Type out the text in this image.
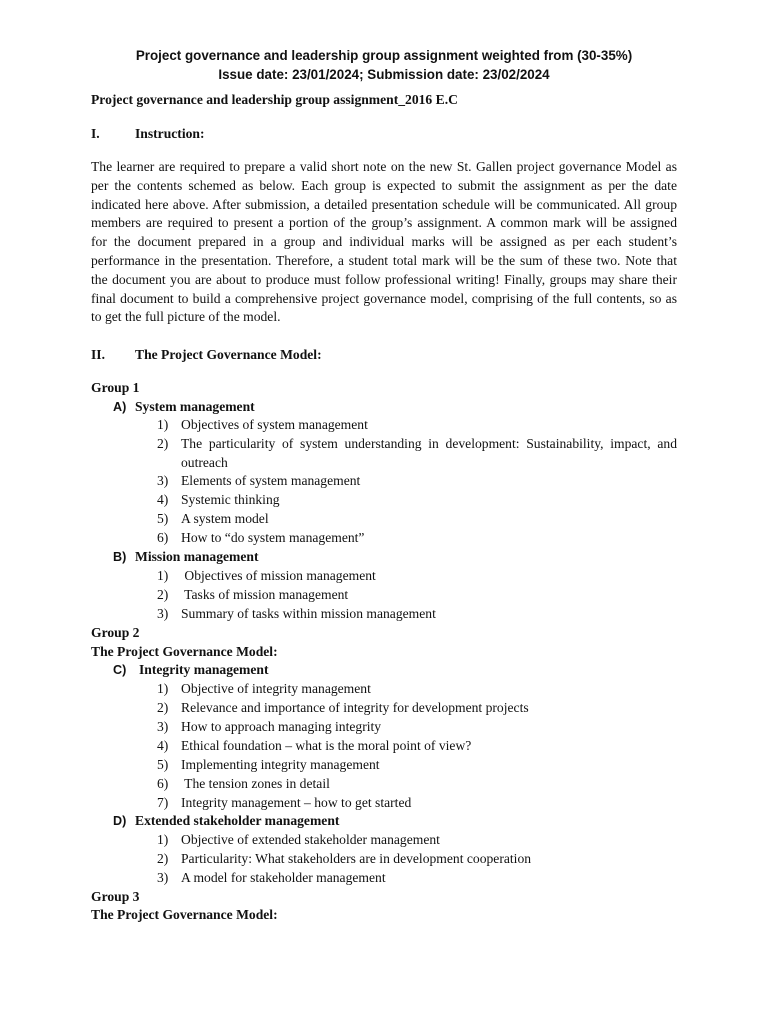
Project governance and leadership group assignment weighted from (30-35%)
Issue date: 23/01/2024; Submission date: 23/02/2024
Project governance and leadership group assignment_2016 E.C
I.	Instruction:
The learner are required to prepare a valid short note on the new St. Gallen project governance Model as
per the contents schemed as below. Each group is expected to submit the assignment as per the date
indicated here above. After submission, a detailed presentation schedule will be communicated. All group
members are required to present a portion of the group’s assignment. A common mark will be assigned
for the document prepared in a group and individual marks will be assigned as per each student’s
performance in the presentation. Therefore, a student total mark will be the sum of these two. Note that
the document you are about to produce must follow professional writing! Finally, groups may share their
final document to build a comprehensive project governance model, comprising of the full contents, so as
to get the full picture of the model.
II. The Project Governance Model:
Group 1
A) System management
1) Objectives of system management
2) The particularity of system understanding in development: Sustainability, impact, and
outreach
3) Elements of system management
4) Systemic thinking
5) A system model
6) How to “do system management”
B) Mission management
1) Objectives of mission management
2) Tasks of mission management
3) Summary of tasks within mission management
Group 2
The Project Governance Model:
C) Integrity management
1) Objective of integrity management
2) Relevance and importance of integrity for development projects
3) How to approach managing integrity
4) Ethical foundation – what is the moral point of view?
5) Implementing integrity management
6) The tension zones in detail
7) Integrity management – how to get started
D) Extended stakeholder management
1) Objective of extended stakeholder management
2) Particularity: What stakeholders are in development cooperation
3) A model for stakeholder management
Group 3
The Project Governance Model:
